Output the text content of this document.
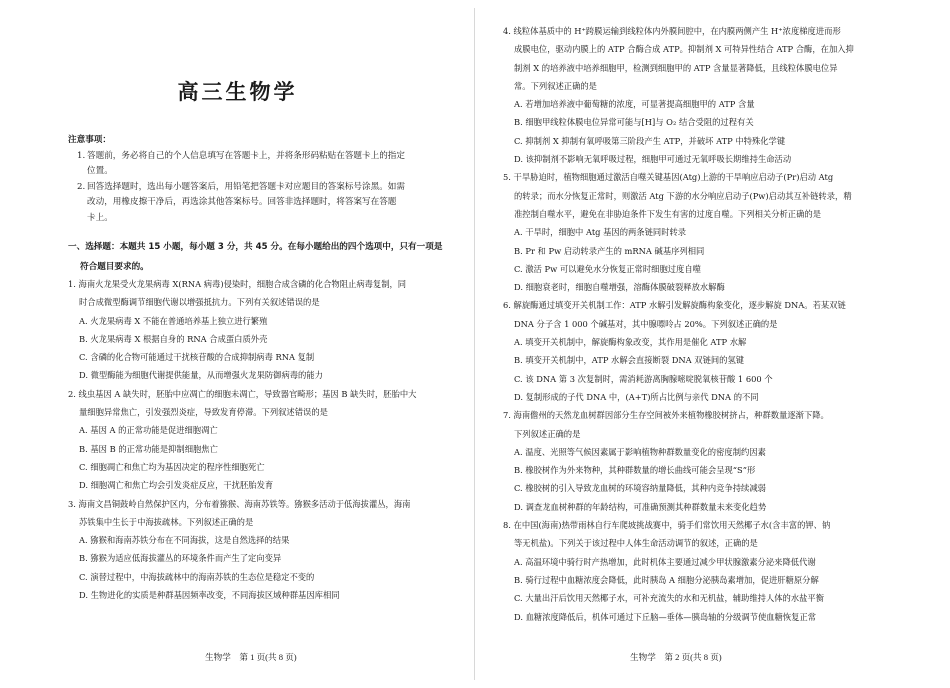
高三生物学
注意事项：
1. 答题前，务必将自己的个人信息填写在答题卡上，并将条形码粘贴在答题卡上的指定
位置。
2. 回答选择题时，选出每小题答案后，用铅笔把答题卡对应题目的答案标号涂黑。如需
改动，用橡皮擦干净后，再选涂其他答案标号。回答非选择题时，将答案写在答题
卡上。
一、选择题：本题共 15 小题，每小题 3 分，共 45 分。在每小题给出的四个选项中，只有一项是
符合题目要求的。
1. 海南火龙果受火龙果病毒 X(RNA 病毒)侵染时，细胞合成含磷的化合物阻止病毒复制，同
时合成微型酶调节细胞代谢以增强抵抗力。下列有关叙述错误的是
A. 火龙果病毒 X 不能在普通培养基上独立进行繁殖
B. 火龙果病毒 X 根据自身的 RNA 合成蛋白质外壳
C. 含磷的化合物可能通过干扰核苷酸的合成抑制病毒 RNA 复制
D. 微型酶能为细胞代谢提供能量，从而增强火龙果防御病毒的能力
2. 线虫基因 A 缺失时，胚胎中应凋亡的细胞未凋亡，导致器官畸形；基因 B 缺失时，胚胎中大
量细胞异常焦亡，引发强烈炎症，导致发育停滞。下列叙述错误的是
A. 基因 A 的正常功能是促进细胞凋亡
B. 基因 B 的正常功能是抑制细胞焦亡
C. 细胞凋亡和焦亡均为基因决定的程序性细胞死亡
D. 细胞凋亡和焦亡均会引发炎症反应，干扰胚胎发育
3. 海南文昌铜鼓岭自然保护区内，分布着猕猴、海南苏铁等。猕猴多活动于低海拔灌丛，海南
苏铁集中生长于中海拔疏林。下列叙述正确的是
A. 猕猴和海南苏铁分布在不同海拔，这是自然选择的结果
B. 猕猴为适应低海拔灌丛的环境条件而产生了定向变异
C. 演替过程中，中海拔疏林中的海南苏铁的生态位是稳定不变的
D. 生物进化的实质是种群基因频率改变，不同海拔区域种群基因库相同
生物学　第 1 页(共 8 页)
4. 线粒体基质中的 H⁺跨膜运输到线粒体内外膜间腔中，在内膜两侧产生 H⁺浓度梯度进而形
成膜电位，驱动内膜上的 ATP 合酶合成 ATP。抑制剂 X 可特异性结合 ATP 合酶，在加入抑
制剂 X 的培养液中培养细胞甲，检测到细胞甲的 ATP 含量显著降低，且线粒体膜电位异
常。下列叙述正确的是
A. 若增加培养液中葡萄糖的浓度，可显著提高细胞甲的 ATP 含量
B. 细胞甲线粒体膜电位异常可能与[H]与 O₂ 结合受阻的过程有关
C. 抑制剂 X 抑制有氧呼吸第三阶段产生 ATP，并破坏 ATP 中特殊化学键
D. 该抑制剂不影响无氧呼吸过程，细胞甲可通过无氧呼吸长期维持生命活动
5. 干旱胁迫时，植物细胞通过激活自噬关键基因(Atg)上游的干旱响应启动子(Pr)启动 Atg
的转录；而水分恢复正常时，则激活 Atg 下游的水分响应启动子(Pw)启动其互补链转录，精
准控制自噬水平，避免在非胁迫条件下发生有害的过度自噬。下列相关分析正确的是
A. 干旱时，细胞中 Atg 基因的两条链同时转录
B. Pr 和 Pw 启动转录产生的 mRNA 碱基序列相同
C. 激活 Pw 可以避免水分恢复正常时细胞过度自噬
D. 细胞衰老时，细胞自噬增强，溶酶体膜破裂释放水解酶
6. 解旋酶通过填变开关机制工作：ATP 水解引发解旋酶构象变化，逐步解旋 DNA。若某双链
DNA 分子含 1 000 个碱基对，其中腺嘌呤占 20%。下列叙述正确的是
A. 填变开关机制中，解旋酶构象改变，其作用是催化 ATP 水解
B. 填变开关机制中，ATP 水解会直接断裂 DNA 双链间的氢键
C. 该 DNA 第 3 次复制时，需消耗游离胸腺嘧啶脱氧核苷酸 1 600 个
D. 复制形成的子代 DNA 中，(A+T)所占比例与亲代 DNA 的不同
7. 海南儋州的天然龙血树群因部分生存空间被外来植物橡胶树挤占，种群数量逐渐下降。
下列叙述正确的是
A. 温度、光照等气候因素属于影响植物种群数量变化的密度制约因素
B. 橡胶树作为外来物种，其种群数量的增长曲线可能会呈现“S”形
C. 橡胶树的引入导致龙血树的环境容纳量降低，其种内竞争持续减弱
D. 调查龙血树种群的年龄结构，可准确预测其种群数量未来变化趋势
8. 在中国(海南)热带雨林自行车爬坡挑战赛中，骑手们常饮用天然椰子水(含丰富的钾、钠
等无机盐)。下列关于该过程中人体生命活动调节的叙述，正确的是
A. 高温环境中骑行时产热增加，此时机体主要通过减少甲状腺激素分泌来降低代谢
B. 骑行过程中血糖浓度会降低，此时胰岛 A 细胞分泌胰岛素增加，促进肝糖原分解
C. 大量出汗后饮用天然椰子水，可补充流失的水和无机盐，辅助维持人体的水盐平衡
D. 血糖浓度降低后，机体可通过下丘脑—垂体—胰岛轴的分级调节使血糖恢复正常
生物学　第 2 页(共 8 页)
